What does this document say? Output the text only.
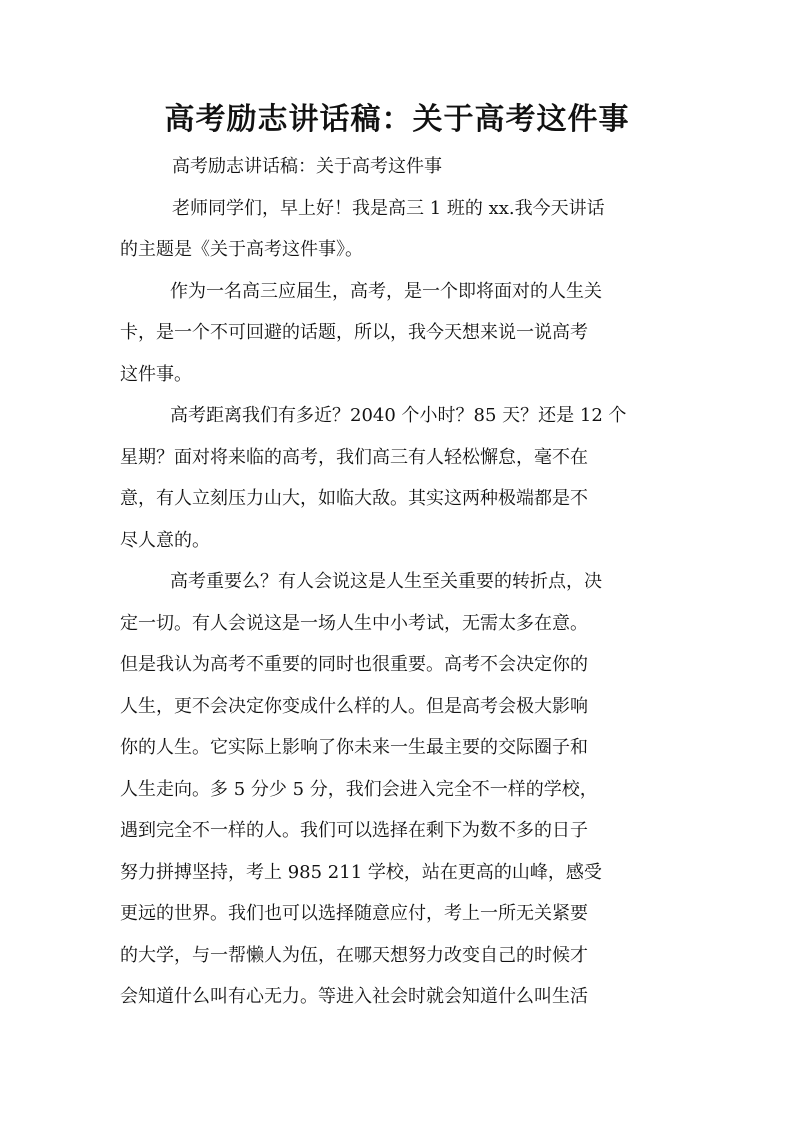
高考励志讲话稿：关于高考这件事
高考励志讲话稿：关于高考这件事
老师同学们，早上好！我是高三 1 班的 xx.我今天讲话
的主题是《关于高考这件事》。
作为一名高三应届生，高考，是一个即将面对的人生关
卡，是一个不可回避的话题，所以，我今天想来说一说高考
这件事。
高考距离我们有多近？2040 个小时？85 天？还是 12 个
星期？面对将来临的高考，我们高三有人轻松懈怠，毫不在
意，有人立刻压力山大，如临大敌。其实这两种极端都是不
尽人意的。
高考重要么？有人会说这是人生至关重要的转折点，决
定一切。有人会说这是一场人生中小考试，无需太多在意。
但是我认为高考不重要的同时也很重要。高考不会决定你的
人生，更不会决定你变成什么样的人。但是高考会极大影响
你的人生。它实际上影响了你未来一生最主要的交际圈子和
人生走向。多 5 分少 5 分，我们会进入完全不一样的学校，
遇到完全不一样的人。我们可以选择在剩下为数不多的日子
努力拼搏坚持，考上 985 211 学校，站在更高的山峰，感受
更远的世界。我们也可以选择随意应付，考上一所无关紧要
的大学，与一帮懒人为伍，在哪天想努力改变自己的时候才
会知道什么叫有心无力。等进入社会时就会知道什么叫生活
